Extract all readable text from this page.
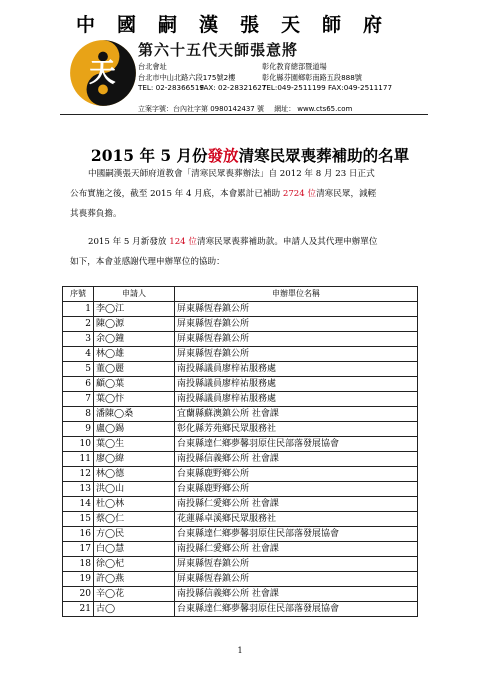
中國嗣漢張天師府
天
第六十五代天師張意將
台北會址	彰化教育總部暨道場
台北市中山北路六段175號2樓	彰化縣芬園鄉彰南路五段888號
TEL: 02-28366519
FAX: 02-28321627
TEL:049-2511199 FAX:049-2511177
立案字號：台內社字第 0980142437 號 網址： www.cts65.com
2015 年 5 月份發放清寒民眾喪葬補助的名單
中國嗣漢張天師府道教會「清寒民眾喪葬辦法」自 2012 年 8 月 23 日正式
公布實施之後，截至 2015 年 4 月底，本會累計已補助 2724 位清寒民眾，減輕
其喪葬負擔。
2015 年 5 月新發放 124 位清寒民眾喪葬補助款。申請人及其代理申辦單位
如下，本會並感謝代理申辦單位的協助：
序號	申請人	申辦單位名稱
1	李◯江	屏東縣恆春鎮公所
2	陳◯源	屏東縣恆春鎮公所
3	余◯鐘	屏東縣恆春鎮公所
4	林◯雄	屏東縣恆春鎮公所
5	董◯麗	南投縣議員廖梓祐服務處
6	顧◯葉	南投縣議員廖梓祐服務處
7	葉◯忭	南投縣議員廖梓祐服務處
8	潘陳◯桑	宜蘭縣蘇澳鎮公所 社會課
9	盧◯錫	彰化縣芳苑鄉民眾服務社
10	葉◯生	台東縣達仁鄉夢馨羽原住民部落發展協會
11	廖◯緯	南投縣信義鄉公所 社會課
12	林◯德	台東縣鹿野鄉公所
13	洪◯山	台東縣鹿野鄉公所
14	杜◯林	南投縣仁愛鄉公所 社會課
15	蔡◯仁	花蓮縣卓溪鄉民眾服務社
16	方◯民	台東縣達仁鄉夢馨羽原住民部落發展協會
17	白◯慧	南投縣仁愛鄉公所 社會課
18	徐◯杞	屏東縣恆春鎮公所
19	許◯燕	屏東縣恆春鎮公所
20	辛◯花	南投縣信義鄉公所 社會課
21	古◯	台東縣達仁鄉夢馨羽原住民部落發展協會
1
